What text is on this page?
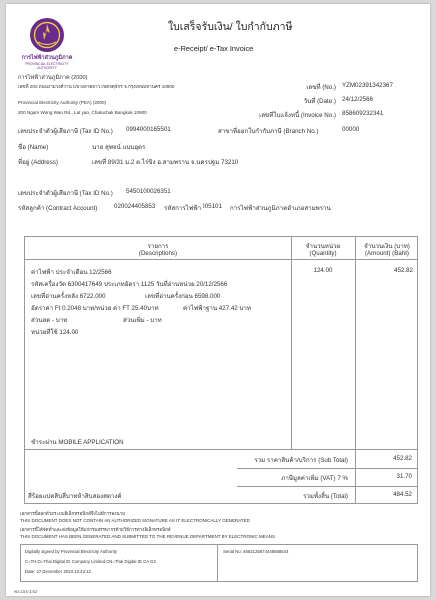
การไฟฟ้าส่วนภูมิภาค
PROVINCIAL ELECTRICITY AUTHORITY
ใบเสร็จรับเงิน/ ใบกำกับภาษี
e-Receipt/ e-Tax Invoice
การไฟฟ้าส่วนภูมิภาค (2000)
เลขที่ 200 ถนนงามวงศ์วาน แขวงลาดยาว เขตจตุจักร จ.กรุงเทพมหานคร 10900
Provincial Electricity Authority (PEA) (2000)
200 Ngam Wong Wan Rd., Lat yao, Chatuchak Bangkok 10900
เลขที่ (No.) YZM02391342367
วันที่ (Date.) 24/12/2566
เลขที่ใบแจ้งหนี้ (Invoice No.) 858609232341
เลขประจำตัวผู้เสียภาษี (Tax ID No.) 0994000165501	สาขาที่ออกใบกำกับภาษี (Branch No.)	00000
ชื่อ (Name)	นาย สุพจน์ แบบอุตร
ที่อยู่ (Address)	เลขที่ 89/31 ม.2 ต.ไร่ขิง อ.สามพราน จ.นครปฐม 73210
เลขประจำตัวผู้เสียภาษี (Tax ID No.) 5450100026351
รหัสลูกค้า (Contract Account)	020024405853 รหัสการไฟฟ้า I05101 การไฟฟ้าส่วนภูมิภาคอำเภอสามพราน
รายการ
(Descriptions)
จำนวนหน่วย
(Quantity)
จำนวนเงิน (บาท)
(Amount) (Baht)
ค่าไฟฟ้า ประจำเดือน 12/2566
รหัสเครื่องวัด 6300417649 ประเภทอัตรา 1125 วันที่อ่านหน่วย 20/12/2566
เลขที่อ่านครั้งหลัง 6722.000	เลขที่อ่านครั้งก่อน 6598.000
อัตราค่า Ft 0.2048 บาท/หน่วย ค่า FT 25.40บาท	ค่าไฟฟ้าฐาน 427.42 บาท
ส่วนลด - บาท	ส่วนเพิ่ม - บาท
หน่วยที่ใช้ 124.00
124.00	452.82
ชำระผ่าน MOBILE APPLICATION
รวม ราคาสินค้า/บริการ (Sub Total)	452.82
ภาษีมูลค่าเพิ่ม (VAT) 7 %	31.70
สี่ร้อยแปดสิบสี่บาทห้าสิบสองสตางค์	รวมทั้งสิ้น (Total)	484.52
เอกสารนี้ออกด้วยระบบอิเล็กทรอนิกส์จึงไม่มีการลงนาม
THIS DOCUMENT DOES NOT CONTAIN AN AUTHORIZED SIGNATURE AS IT ELECTRONICALLY GENERATED
เอกสารนี้ได้จัดทำและส่งข้อมูลให้แก่กรมสรรพากรด้วยวิธีการทางอิเล็กทรอนิกส์
THIS DOCUMENT HAS BEEN GENERATED AND SUBMITTED TO THE REVENUE DEPARTMENT BY ELECTRONIC MEANS
Digitally signed by Provincial Electricity Authority
C=TH,O=Thai Digital ID Company Limited,CN=Thai Digital ID CA G3
Date: 27 December 2023 10:43:12
Serial No: 4662125674445558544
ฟส.154-3.62
